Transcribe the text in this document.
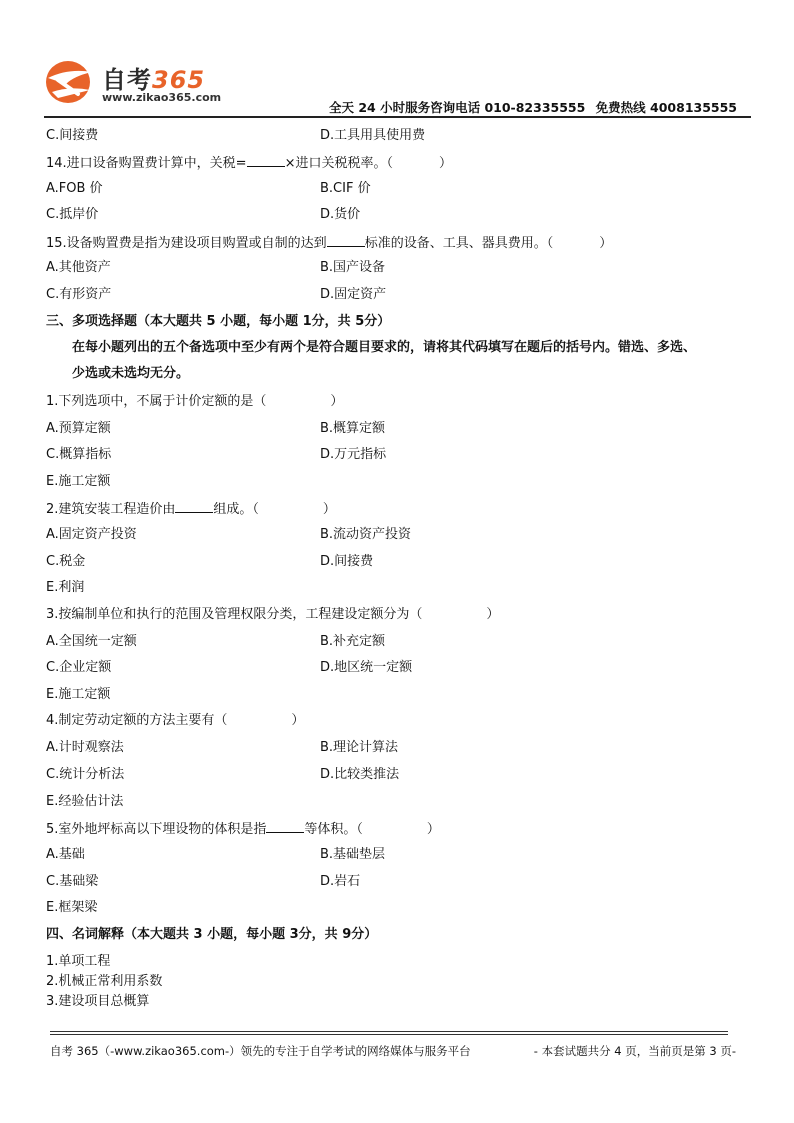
自考365
www.zikao365.com
全天 24 小时服务咨询电话 010-82335555 免费热线 4008135555
C.间接费	D.工具用具使用费
14.进口设备购置费计算中，关税=	×进口关税税率。（	）
A.FOB 价	B.CIF 价
C.抵岸价	D.货价
15.设备购置费是指为建设项目购置或自制的达到	标准的设备、工具、器具费用。（	）
A.其他资产	B.国产设备
C.有形资产	D.固定资产
三、多项选择题（本大题共 5 小题，每小题 1分，共 5分）
在每小题列出的五个备选项中至少有两个是符合题目要求的，请将其代码填写在题后的括号内。错选、多选、
少选或未选均无分。
1.下列选项中，不属于计价定额的是（	）
A.预算定额	B.概算定额
C.概算指标	D.万元指标
E.施工定额
2.建筑安装工程造价由	组成。（	）
A.固定资产投资	B.流动资产投资
C.税金	D.间接费
E.利润
3.按编制单位和执行的范围及管理权限分类，工程建设定额分为（	）
A.全国统一定额	B.补充定额
C.企业定额	D.地区统一定额
E.施工定额
4.制定劳动定额的方法主要有（	）
A.计时观察法	B.理论计算法
C.统计分析法	D.比较类推法
E.经验估计法
5.室外地坪标高以下埋设物的体积是指	等体积。（	）
A.基础	B.基础垫层
C.基础梁	D.岩石
E.框架梁
四、名词解释（本大题共 3 小题，每小题 3分，共 9分）
1.单项工程
2.机械正常利用系数
3.建设项目总概算
自考 365（-www.zikao365.com-）领先的专注于自学考试的网络媒体与服务平台	- 本套试题共分 4 页，当前页是第 3 页-
